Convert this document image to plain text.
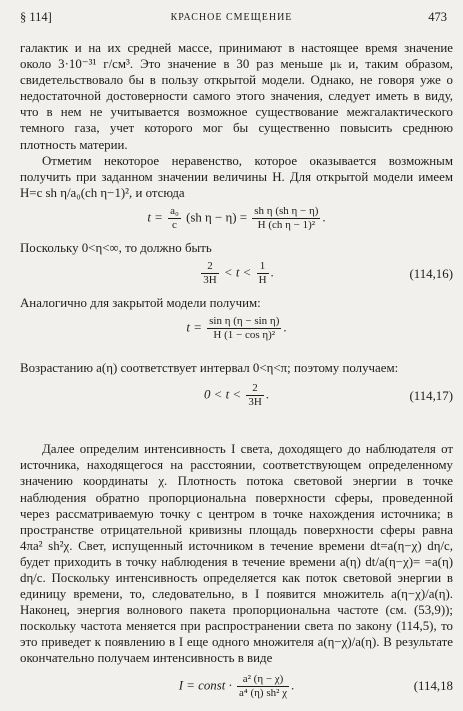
§ 114]	КРАСНОЕ СМЕЩЕНИЕ	473
галактик и на их средней массе, принимают в настоящее время значение около 3·10⁻³¹ г/см³. Это значение в 30 раз меньше μₖ и, таким образом, свидетельствовало бы в пользу открытой модели. Однако, не говоря уже о недостаточной достоверности самого этого значения, следует иметь в виду, что в нем не учитывается возможное существование межгалактического темного газа, учет которого мог бы существенно повысить среднюю плотность материи.
Отметим некоторое неравенство, которое оказывается возможным получить при заданном значении величины H. Для открытой модели имеем H=c sh η/a₀(ch η−1)², и отсюда
$t = \frac{\text{a₀}}{c} (sh$ $\eta - \eta) = \frac{\text{sh η (sh η − η)}}{\text{H (ch η − 1)²}}$ .
Поскольку 0<η<∞, то должно быть
$\frac{2}{3H} < t < \frac{1}{H}$ .	(114,16)
Аналогично для закрытой модели получим:
$t = \frac{\text{sin η (η − sin η)}}{\text{H (1 − cos η)²}}$ .
Возрастанию a(η) соответствует интервал 0<η<π; поэтому получаем:
$0 < t < \frac{2}{3H}$ .	(114,17)
Далее определим интенсивность I света, доходящего до наблюдателя от источника, находящегося на расстоянии, соответствующем определенному значению координаты χ. Плотность потока световой энергии в точке наблюдения обратно пропорциональна поверхности сферы, проведенной через рассматриваемую точку с центром в точке нахождения источника; в пространстве отрицательной кривизны площадь поверхности сферы равна 4πa² sh²χ. Свет, испущенный источником в течение времени dt=a(η−χ) dη/c, будет приходить в точку наблюдения в течение времени a(η) dt/a(η−χ)= =a(η) dη/c. Поскольку интенсивность определяется как поток световой энергии в единицу времени, то, следовательно, в I появится множитель a(η−χ)/a(η). Наконец, энергия волнового пакета пропорциональна частоте (см. (53,9)); поскольку частота меняется при распространении света по закону (114,5), то это приведет к появлению в I еще одного множителя a(η−χ)/a(η). В результате окончательно получаем интенсивность в виде
I = const · $\frac{\text{a² (η − χ)}}{\text{a⁴ (η) sh² χ}}$ .	(114,18
